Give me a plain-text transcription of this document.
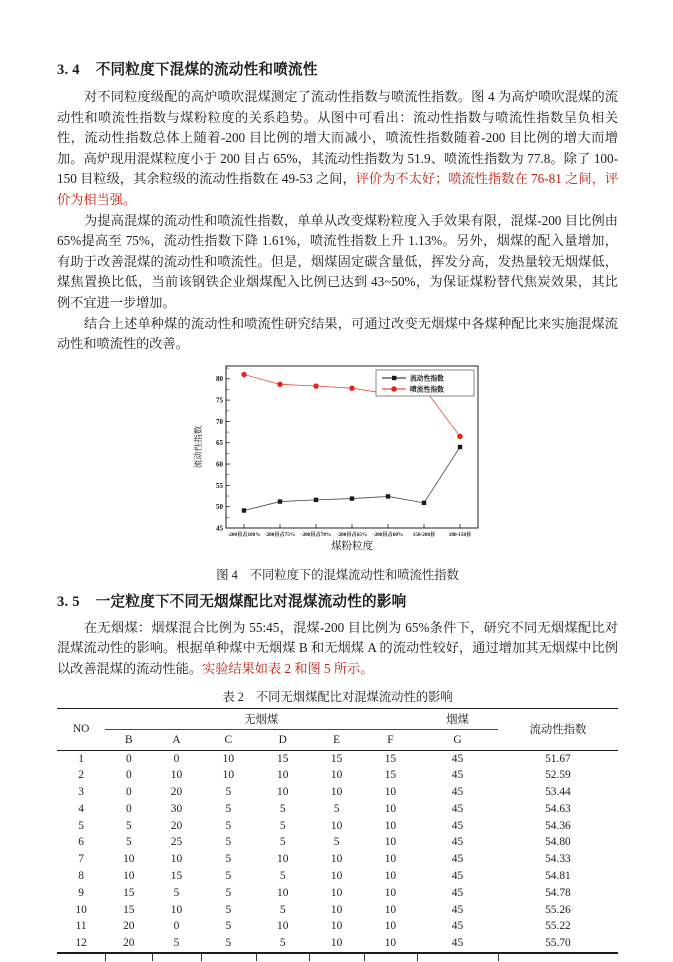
3. 4 不同粒度下混煤的流动性和喷流性

对不同粒度级配的高炉喷吹混煤测定了流动性指数与喷流性指数。图 4 为高炉喷吹混煤的流动性和喷流性指数与煤粉粒度的关系趋势。从图中可看出：流动性指数与喷流性指数呈负相关性，流动性指数总体上随着-200 目比例的增大而减小，喷流性指数随着-200 目比例的增大而增加。高炉现用混煤粒度小于 200 目占 65%，其流动性指数为 51.9、喷流性指数为 77.8。除了 100-150 目粒级，其余粒级的流动性指数在 49-53 之间，评价为不太好；喷流性指数在 76-81 之间，评价为相当强。

为提高混煤的流动性和喷流性指数，单单从改变煤粉粒度入手效果有限，混煤-200 目比例由 65%提高至 75%，流动性指数下降 1.61%，喷流性指数上升 1.13%。另外，烟煤的配入量增加，有助于改善混煤的流动性和喷流性。但是，烟煤固定碳含量低，挥发分高，发热量较无烟煤低，煤焦置换比低，当前该钢铁企业烟煤配入比例已达到 43~50%，为保证煤粉替代焦炭效果，其比例不宜进一步增加。

结合上述单种煤的流动性和喷流性研究结果，可通过改变无烟煤中各煤种配比来实施混煤流动性和喷流性的改善。

45
50
55
60
65
70
75
80
-200目占100% -200目占75% -200目占70% -200目占65% -200目占60% 150-200目	100-150目
煤粉粒度
流动性指数
流动性指数
喷流性指数
图 4 不同粒度下的混煤流动性和喷流性指数
3. 5 一定粒度下不同无烟煤配比对混煤流动性的影响

在无烟煤：烟煤混合比例为 55:45，混煤-200 目比例为 65%条件下，研究不同无烟煤配比对混煤流动性的影响。根据单种煤中无烟煤 B 和无烟煤 A 的流动性较好，通过增加其无烟煤中比例以改善混煤的流动性能。实验结果如表 2 和图 5 所示。

表 2 不同无烟煤配比对混煤流动性的影响
NO	无烟煤						烟煤	流动性指数
	B	A	C	D	E	F	G	
1	0	0	10	15	15	15	45	51.67
2	0	10	10	10	10	15	45	52.59
3	0	20	5	10	10	10	45	53.44
4	0	30	5	5	5	10	45	54.63
5	5	20	5	5	10	10	45	54.36
6	5	25	5	5	5	10	45	54.80
7	10	10	5	10	10	10	45	54.33
8	10	15	5	5	10	10	45	54.81
9	15	5	5	10	10	10	45	54.78
10	15	10	5	5	10	10	45	55.26
11	20	0	5	10	10	10	45	55.22
12	20	5	5	5	10	10	45	55.70
